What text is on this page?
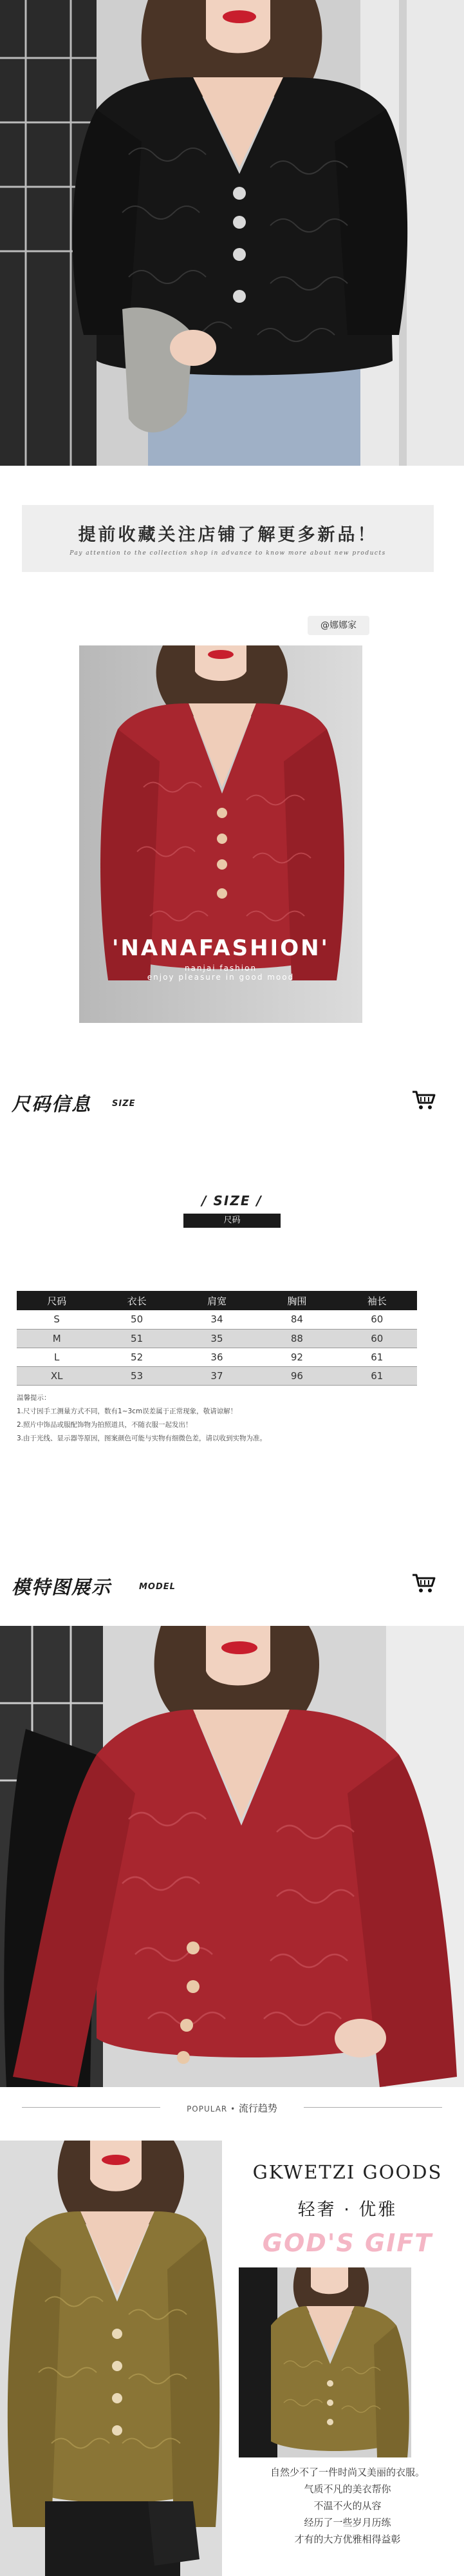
提前收藏关注店铺了解更多新品！
Pay attention to the collection shop in advance to know more about new products
@娜娜家
'NANAFASHION'
nanjai fashion
enjoy pleasure in good mood
尺码信息 SIZE
/ SIZE /
尺码
尺码	衣长	肩宽	胸围	袖长
S	50	34	84	60
M	51	35	88	60
L	52	36	92	61
XL	53	37	96	61
温馨提示：
1.尺寸因手工测量方式不同，数有1~3cm误差属于正常现象，敬请谅解！
2.照片中饰品或服配饰物为拍照道具，不随衣服一起发出！
3.由于光线、显示器等原因，图案颜色可能与实物有细微色差，请以收到实物为准。
模特图展示	MODEL
POPULAR • 流行趋势
GKWETZI GOODS
轻奢 · 优雅
GOD'S GIFT
自然少不了一件时尚又美丽的衣服。
气质不凡的美衣帮你
不温不火的从容
经历了一些岁月历练
才有的大方优雅相得益彰
